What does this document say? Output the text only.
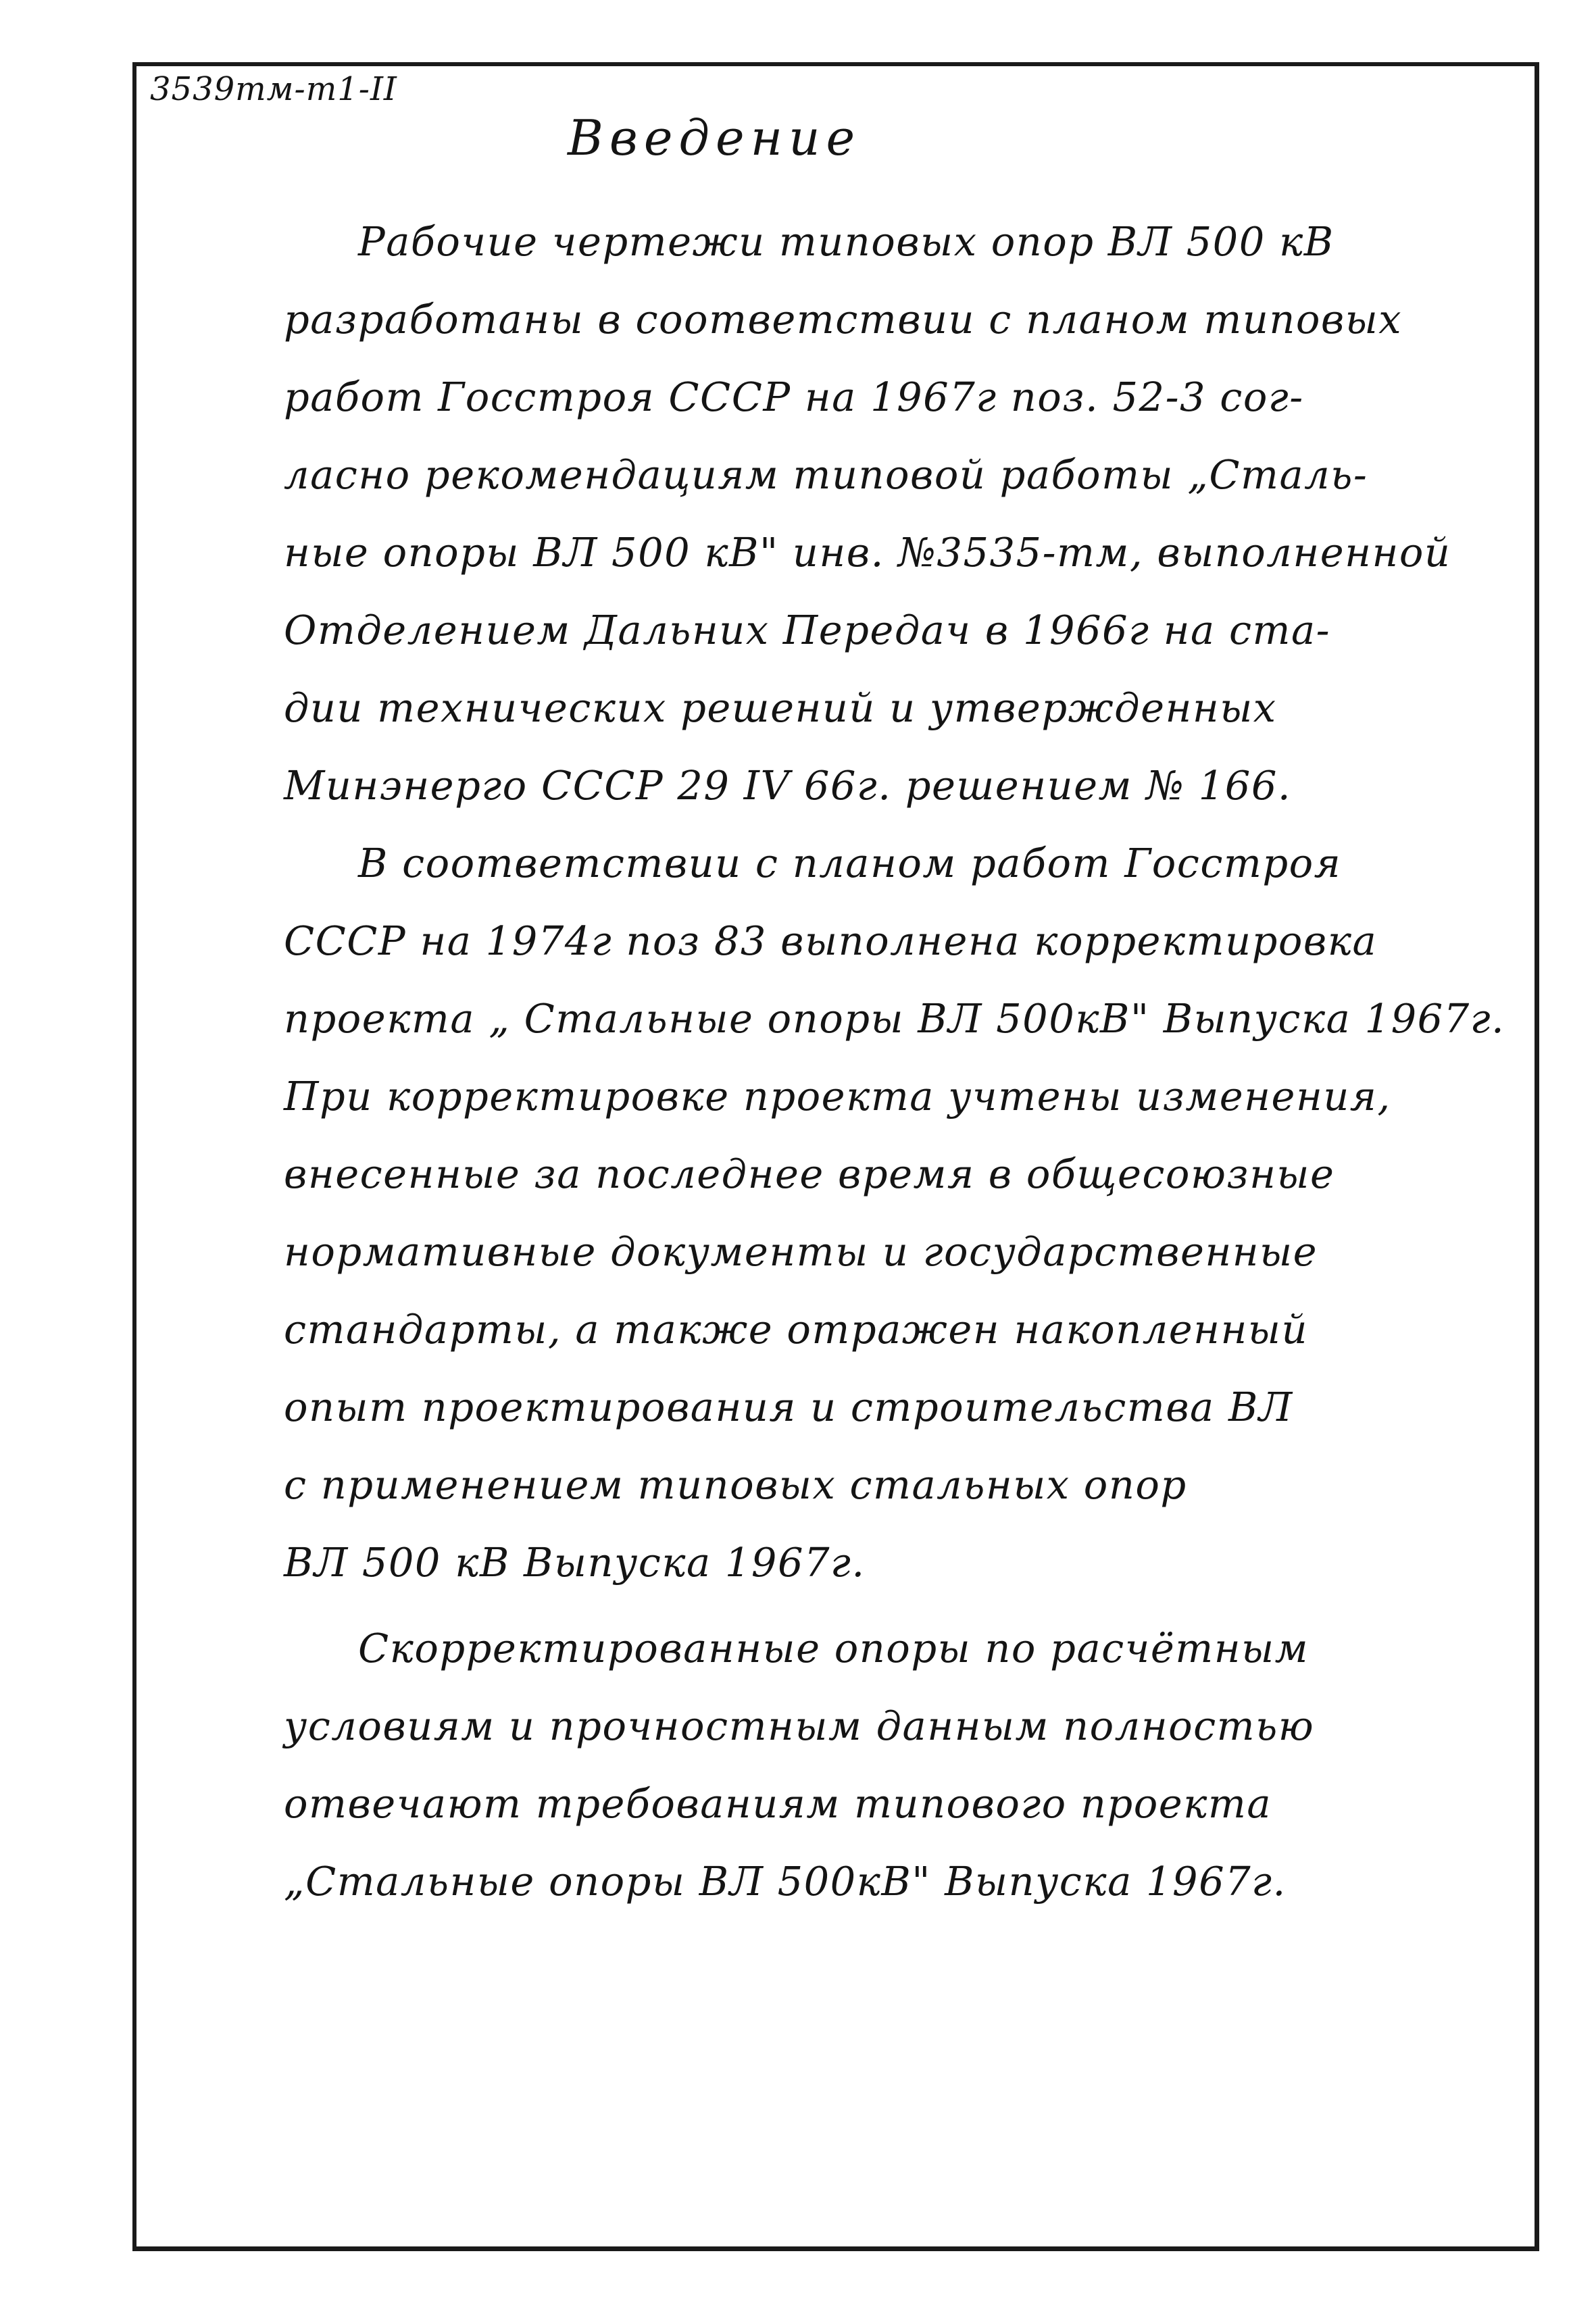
3539тм-т1-II
Введение
Рабочие чертежи типовых опор ВЛ 500 кВ
разработаны в соответствии с планом типовых
работ Госстроя СССР на 1967г поз. 52-3 сог-
ласно рекомендациям типовой работы „Сталь-
ные опоры ВЛ 500 кВ" инв. №3535-тм, выполненной
Отделением Дальних Передач в 1966г на ста-
дии технических решений и утвержденных
Минэнерго СССР 29 IV 66г. решением № 166.
В соответствии с планом работ Госстроя
СССР на 1974г поз 83 выполнена корректировка
проекта „ Стальные опоры ВЛ 500кВ" Выпуска 1967г.
При корректировке проекта учтены изменения,
внесенные за последнее время в общесоюзные
нормативные документы и государственные
стандарты, а также отражен накопленный
опыт проектирования и строительства ВЛ
с применением типовых стальных опор
ВЛ 500 кВ Выпуска 1967г.
Скорректированные опоры по расчётным
условиям и прочностным данным полностью
отвечают требованиям типового проекта
„Стальные опоры ВЛ 500кВ" Выпуска 1967г.
